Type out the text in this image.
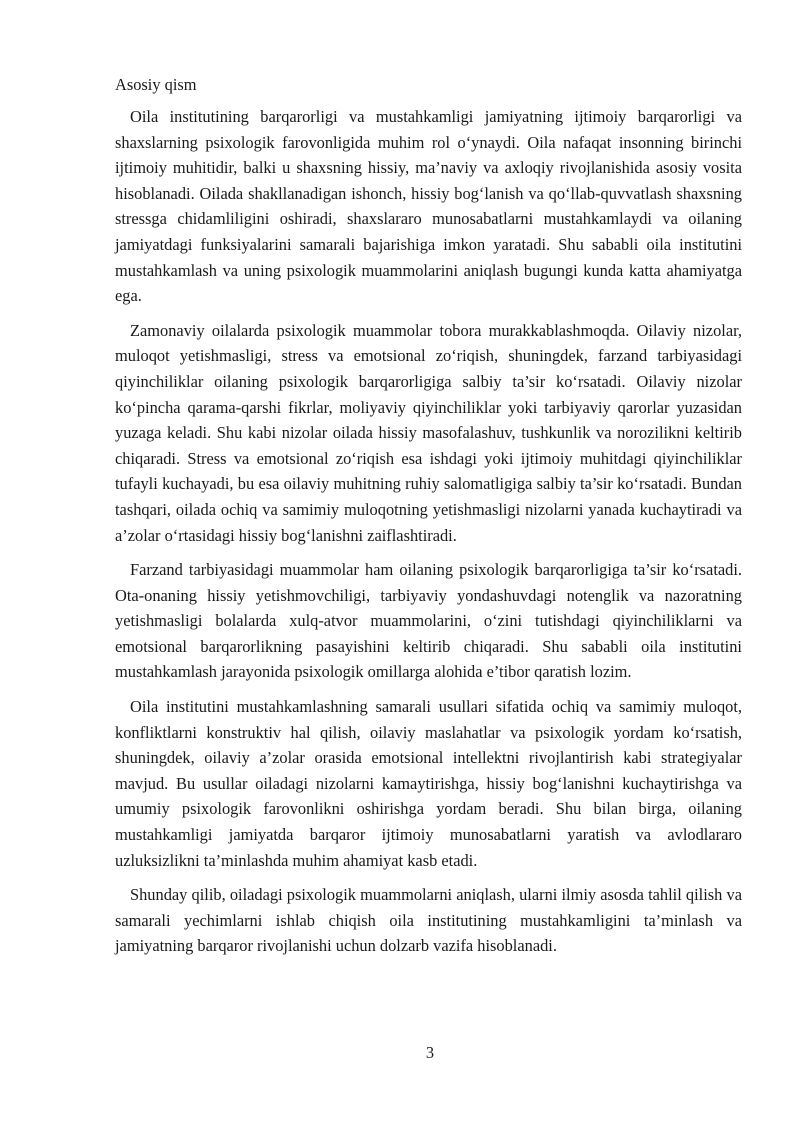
Asosiy qism

Oila institutining barqarorligi va mustahkamligi jamiyatning ijtimoiy barqarorligi va shaxslarning psixologik farovonligida muhim rol o‘ynaydi. Oila nafaqat insonning birinchi ijtimoiy muhitidir, balki u shaxsning hissiy, ma’naviy va axloqiy rivojlanishida asosiy vosita hisoblanadi. Oilada shakllanadigan ishonch, hissiy bog‘lanish va qo‘llab-quvvatlash shaxsning stressga chidamliligini oshiradi, shaxslararo munosabatlarni mustahkamlaydi va oilaning jamiyatdagi funksiyalarini samarali bajarishiga imkon yaratadi. Shu sababli oila institutini mustahkamlash va uning psixologik muammolarini aniqlash bugungi kunda katta ahamiyatga ega.

Zamonaviy oilalarda psixologik muammolar tobora murakkablashmoqda. Oilaviy nizolar, muloqot yetishmasligi, stress va emotsional zo‘riqish, shuningdek, farzand tarbiyasidagi qiyinchiliklar oilaning psixologik barqarorligiga salbiy ta’sir ko‘rsatadi. Oilaviy nizolar ko‘pincha qarama-qarshi fikrlar, moliyaviy qiyinchiliklar yoki tarbiyaviy qarorlar yuzasidan yuzaga keladi. Shu kabi nizolar oilada hissiy masofalashuv, tushkunlik va norozilikni keltirib chiqaradi. Stress va emotsional zo‘riqish esa ishdagi yoki ijtimoiy muhitdagi qiyinchiliklar tufayli kuchayadi, bu esa oilaviy muhitning ruhiy salomatligiga salbiy ta’sir ko‘rsatadi. Bundan tashqari, oilada ochiq va samimiy muloqotning yetishmasligi nizolarni yanada kuchaytiradi va a’zolar o‘rtasidagi hissiy bog‘lanishni zaiflashtiradi.

Farzand tarbiyasidagi muammolar ham oilaning psixologik barqarorligiga ta’sir ko‘rsatadi. Ota-onaning hissiy yetishmovchiligi, tarbiyaviy yondashuvdagi notenglik va nazoratning yetishmasligi bolalarda xulq-atvor muammolarini, o‘zini tutishdagi qiyinchiliklarni va emotsional barqarorlikning pasayishini keltirib chiqaradi. Shu sababli oila institutini mustahkamlash jarayonida psixologik omillarga alohida e’tibor qaratish lozim.

Oila institutini mustahkamlashning samarali usullari sifatida ochiq va samimiy muloqot, konfliktlarni konstruktiv hal qilish, oilaviy maslahatlar va psixologik yordam ko‘rsatish, shuningdek, oilaviy a’zolar orasida emotsional intellektni rivojlantirish kabi strategiyalar mavjud. Bu usullar oiladagi nizolarni kamaytirishga, hissiy bog‘lanishni kuchaytirishga va umumiy psixologik farovonlikni oshirishga yordam beradi. Shu bilan birga, oilaning mustahkamligi jamiyatda barqaror ijtimoiy munosabatlarni yaratish va avlodlararo uzluksizlikni ta’minlashda muhim ahamiyat kasb etadi.

Shunday qilib, oiladagi psixologik muammolarni aniqlash, ularni ilmiy asosda tahlil qilish va samarali yechimlarni ishlab chiqish oila institutining mustahkamligini ta’minlash va jamiyatning barqaror rivojlanishi uchun dolzarb vazifa hisoblanadi.

3
